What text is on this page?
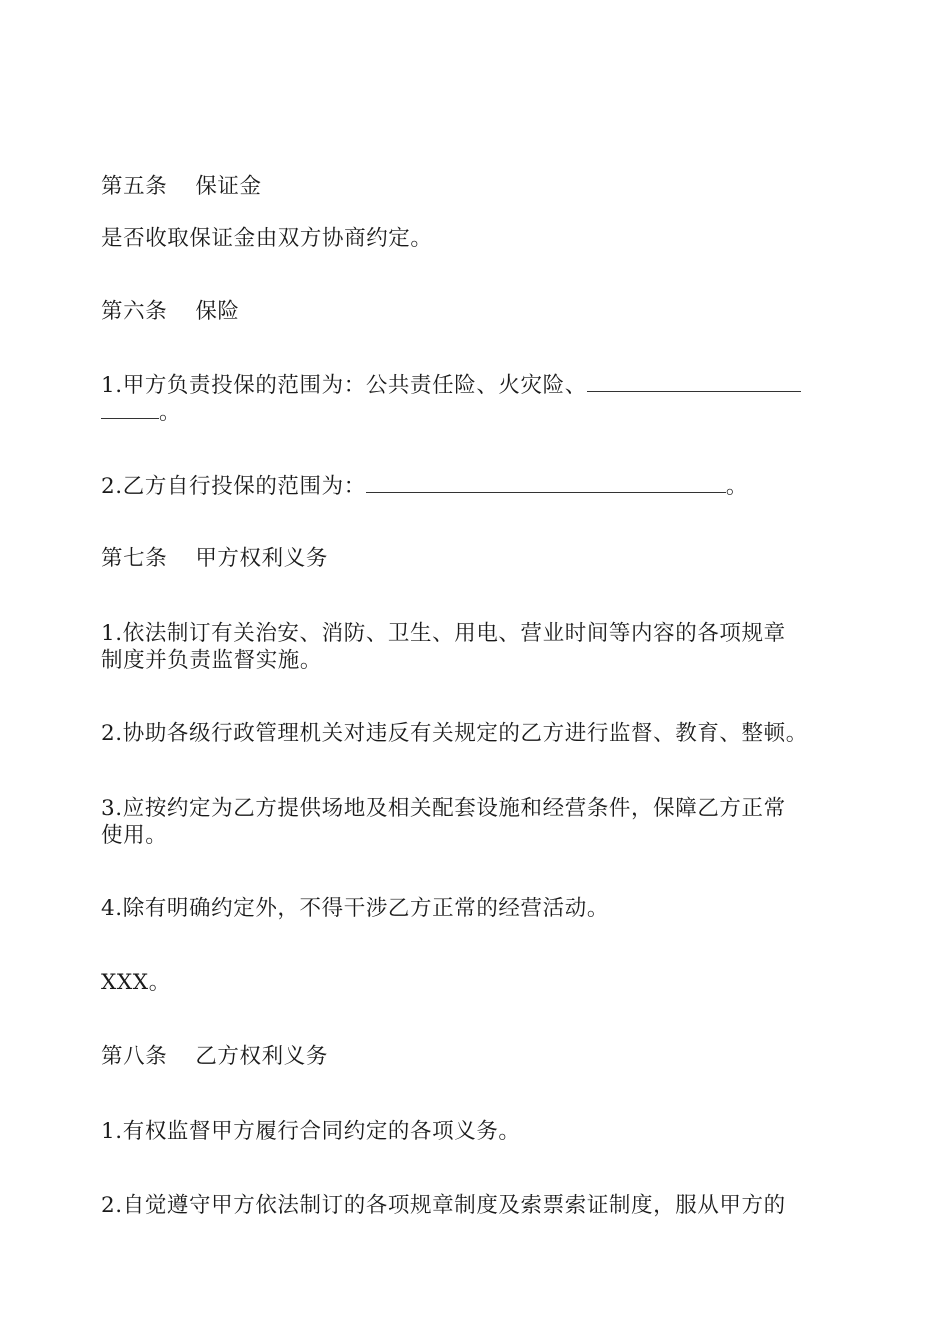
第五条 保证金
是否收取保证金由双方协商约定。
第六条 保险
1.甲方负责投保的范围为：公共责任险、火灾险、
。
2.乙方自行投保的范围为：	。
第七条 甲方权利义务
1.依法制订有关治安、消防、卫生、用电、营业时间等内容的各项规章
制度并负责监督实施。
2.协助各级行政管理机关对违反有关规定的乙方进行监督、教育、整顿。
3.应按约定为乙方提供场地及相关配套设施和经营条件，保障乙方正常
使用。
4.除有明确约定外，不得干涉乙方正常的经营活动。
XXX。
第八条 乙方权利义务
1.有权监督甲方履行合同约定的各项义务。
2.自觉遵守甲方依法制订的各项规章制度及索票索证制度，服从甲方的
